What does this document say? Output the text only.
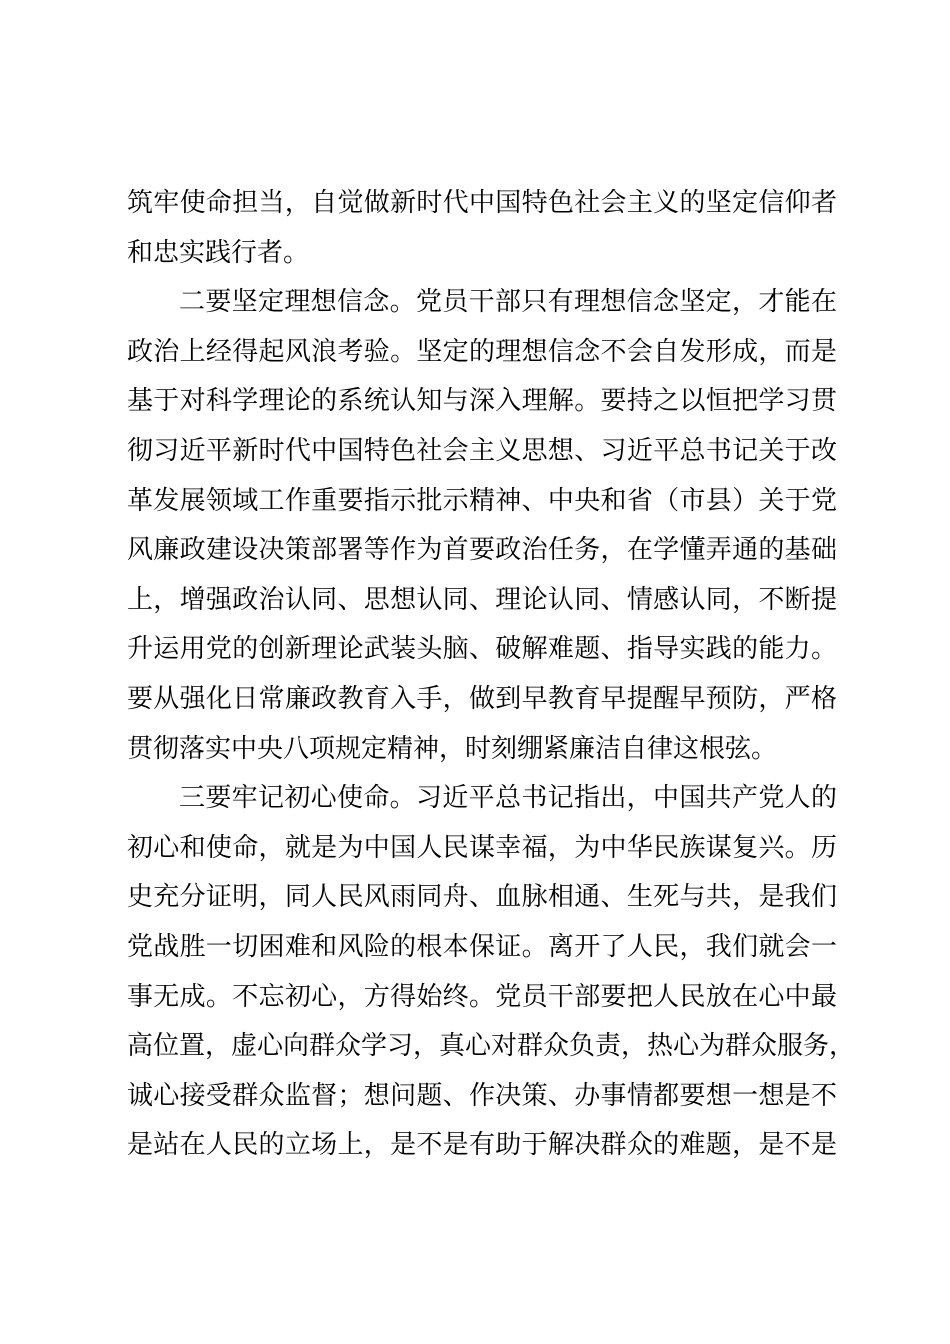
筑牢使命担当，自觉做新时代中国特色社会主义的坚定信仰者
和忠实践行者。
二要坚定理想信念。党员干部只有理想信念坚定，才能在
政治上经得起风浪考验。坚定的理想信念不会自发形成，而是
基于对科学理论的系统认知与深入理解。要持之以恒把学习贯
彻习近平新时代中国特色社会主义思想、习近平总书记关于改
革发展领域工作重要指示批示精神、中央和省（市县）关于党
风廉政建设决策部署等作为首要政治任务，在学懂弄通的基础
上，增强政治认同、思想认同、理论认同、情感认同，不断提
升运用党的创新理论武装头脑、破解难题、指导实践的能力。
要从强化日常廉政教育入手，做到早教育早提醒早预防，严格
贯彻落实中央八项规定精神，时刻绷紧廉洁自律这根弦。
三要牢记初心使命。习近平总书记指出，中国共产党人的
初心和使命，就是为中国人民谋幸福，为中华民族谋复兴。历
史充分证明，同人民风雨同舟、血脉相通、生死与共，是我们
党战胜一切困难和风险的根本保证。离开了人民，我们就会一
事无成。不忘初心，方得始终。党员干部要把人民放在心中最
高位置，虚心向群众学习，真心对群众负责，热心为群众服务，
诚心接受群众监督；想问题、作决策、办事情都要想一想是不
是站在人民的立场上，是不是有助于解决群众的难题，是不是
